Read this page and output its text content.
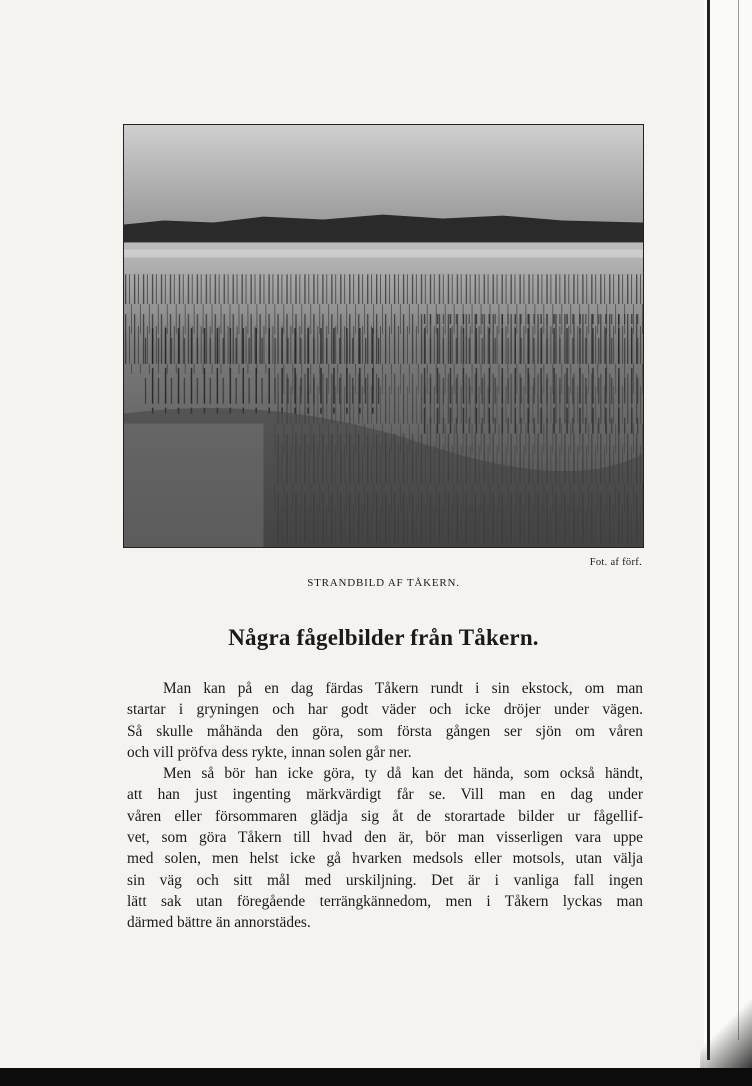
Fot. af förf.
STRANDBILD AF TÅKERN.
Några fågelbilder från Tåkern.

Man kan på en dag färdas Tåkern rundt i sin ekstock, om man

startar i gryningen och har godt väder och icke dröjer under vägen.

Så skulle måhända den göra, som första gången ser sjön om våren

och vill pröfva dess rykte, innan solen går ner.

Men så bör han icke göra, ty då kan det hända, som också händt,

att han just ingenting märkvärdigt får se. Vill man en dag under

våren eller försommaren glädja sig åt de storartade bilder ur fågellif-

vet, som göra Tåkern till hvad den är, bör man visserligen vara uppe

med solen, men helst icke gå hvarken medsols eller motsols, utan välja

sin väg och sitt mål med urskiljning. Det är i vanliga fall ingen

lätt sak utan föregående terrängkännedom, men i Tåkern lyckas man

därmed bättre än annorstädes.
